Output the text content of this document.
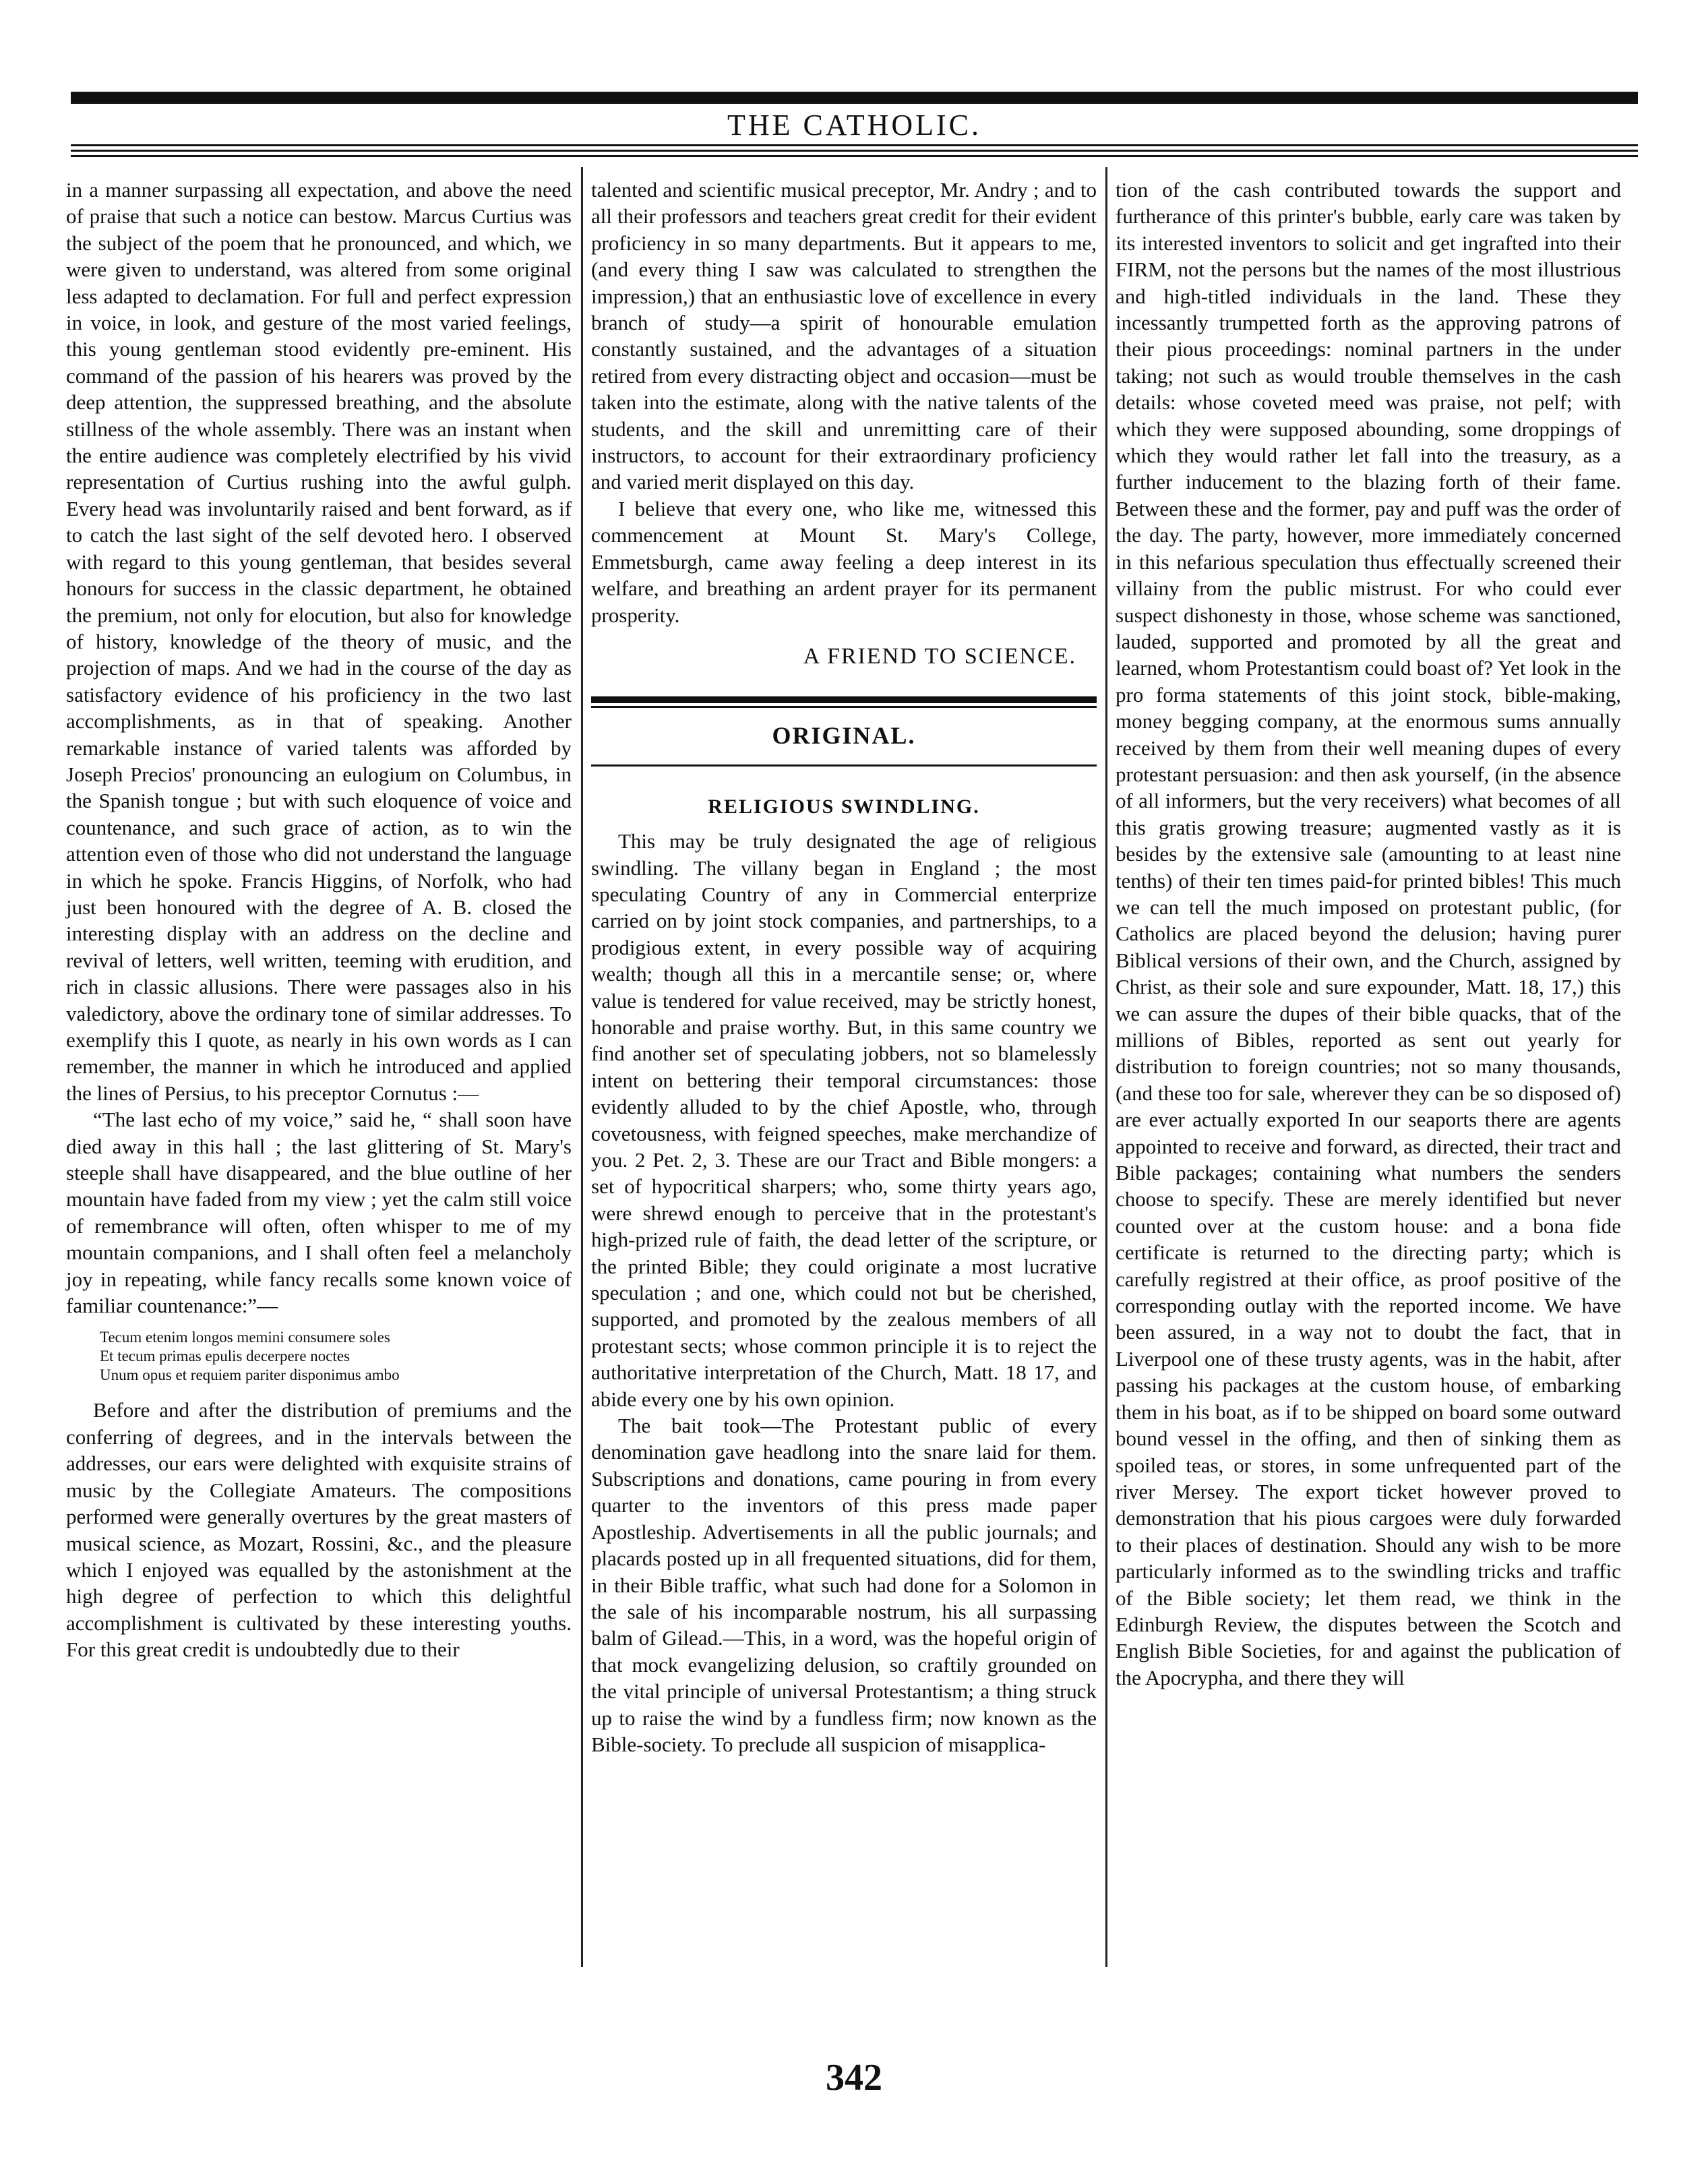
THE CATHOLIC.

in a manner surpassing all expectation, and above the need of praise that such a notice can bestow. Marcus Curtius was the subject of the poem that he pronounced, and which, we were given to understand, was altered from some original less adapted to declamation. For full and perfect expression in voice, in look, and gesture of the most varied feelings, this young gentleman stood evidently pre-eminent. His command of the passion of his hearers was proved by the deep attention, the suppressed breathing, and the absolute stillness of the whole assembly. There was an instant when the entire audience was completely electrified by his vivid representation of Curtius rushing into the awful gulph. Every head was involuntarily raised and bent forward, as if to catch the last sight of the self devoted hero. I observed with regard to this young gentleman, that besides several honours for success in the classic department, he obtained the premium, not only for elocution, but also for knowledge of history, knowledge of the theory of music, and the projection of maps. And we had in the course of the day as satisfactory evidence of his proficiency in the two last accomplishments, as in that of speaking. Another remarkable instance of varied talents was afforded by Joseph Precios' pronouncing an eulogium on Columbus, in the Spanish tongue ; but with such eloquence of voice and countenance, and such grace of action, as to win the attention even of those who did not understand the language in which he spoke. Francis Higgins, of Norfolk, who had just been honoured with the degree of A. B. closed the interesting display with an address on the decline and revival of letters, well written, teeming with erudition, and rich in classic allusions. There were passages also in his valedictory, above the ordinary tone of similar addresses. To exemplify this I quote, as nearly in his own words as I can remember, the manner in which he introduced and applied the lines of Persius, to his preceptor Cornutus :—

“The last echo of my voice,” said he, “ shall soon have died away in this hall ; the last glittering of St. Mary's steeple shall have disappeared, and the blue outline of her mountain have faded from my view ; yet the calm still voice of remembrance will often, often whisper to me of my mountain companions, and I shall often feel a melancholy joy in repeating, while fancy recalls some known voice of familiar countenance:”—

Tecum etenim longos memini consumere soles
Et tecum primas epulis decerpere noctes
Unum opus et requiem pariter disponimus ambo

Before and after the distribution of premiums and the conferring of degrees, and in the intervals between the addresses, our ears were delighted with exquisite strains of music by the Collegiate Amateurs. The compositions performed were generally overtures by the great masters of musical science, as Mozart, Rossini, &c., and the pleasure which I enjoyed was equalled by the astonishment at the high degree of perfection to which this delightful accomplishment is cultivated by these interesting youths. For this great credit is undoubtedly due to their

talented and scientific musical preceptor, Mr. Andry ; and to all their professors and teachers great credit for their evident proficiency in so many departments. But it appears to me, (and every thing I saw was calculated to strengthen the impression,) that an enthusiastic love of excellence in every branch of study—a spirit of honourable emulation constantly sustained, and the advantages of a situation retired from every distracting object and occasion—must be taken into the estimate, along with the native talents of the students, and the skill and unremitting care of their instructors, to account for their extraordinary proficiency and varied merit displayed on this day.

I believe that every one, who like me, witnessed this commencement at Mount St. Mary's College, Emmetsburgh, came away feeling a deep interest in its welfare, and breathing an ardent prayer for its permanent prosperity.

A FRIEND TO SCIENCE.

ORIGINAL.

RELIGIOUS SWINDLING.

This may be truly designated the age of religious swindling. The villany began in England ; the most speculating Country of any in Commercial enterprize carried on by joint stock companies, and partnerships, to a prodigious extent, in every possible way of acquiring wealth; though all this in a mercantile sense; or, where value is tendered for value received, may be strictly honest, honorable and praise worthy. But, in this same country we find another set of speculating jobbers, not so blamelessly intent on bettering their temporal circumstances: those evidently alluded to by the chief Apostle, who, through covetousness, with feigned speeches, make merchandize of you. 2 Pet. 2, 3. These are our Tract and Bible mongers: a set of hypocritical sharpers; who, some thirty years ago, were shrewd enough to perceive that in the protestant's high-prized rule of faith, the dead letter of the scripture, or the printed Bible; they could originate a most lucrative speculation ; and one, which could not but be cherished, supported, and promoted by the zealous members of all protestant sects; whose common principle it is to reject the authoritative interpretation of the Church, Matt. 18 17, and abide every one by his own opinion.

The bait took—The Protestant public of every denomination gave headlong into the snare laid for them. Subscriptions and donations, came pouring in from every quarter to the inventors of this press made paper Apostleship. Advertisements in all the public journals; and placards posted up in all frequented situations, did for them, in their Bible traffic, what such had done for a Solomon in the sale of his incomparable nostrum, his all surpassing balm of Gilead.—This, in a word, was the hopeful origin of that mock evangelizing delusion, so craftily grounded on the vital principle of universal Protestantism; a thing struck up to raise the wind by a fundless firm; now known as the Bible-society. To preclude all suspicion of misapplica-

tion of the cash contributed towards the support and furtherance of this printer's bubble, early care was taken by its interested inventors to solicit and get ingrafted into their FIRM, not the persons but the names of the most illustrious and high-titled individuals in the land. These they incessantly trumpetted forth as the approving patrons of their pious proceedings: nominal partners in the under taking; not such as would trouble themselves in the cash details: whose coveted meed was praise, not pelf; with which they were supposed abounding, some droppings of which they would rather let fall into the treasury, as a further inducement to the blazing forth of their fame. Between these and the former, pay and puff was the order of the day. The party, however, more immediately concerned in this nefarious speculation thus effectually screened their villainy from the public mistrust. For who could ever suspect dishonesty in those, whose scheme was sanctioned, lauded, supported and promoted by all the great and learned, whom Protestantism could boast of? Yet look in the pro forma statements of this joint stock, bible-making, money begging company, at the enormous sums annually received by them from their well meaning dupes of every protestant persuasion: and then ask yourself, (in the absence of all informers, but the very receivers) what becomes of all this gratis growing treasure; augmented vastly as it is besides by the extensive sale (amounting to at least nine tenths) of their ten times paid-for printed bibles! This much we can tell the much imposed on protestant public, (for Catholics are placed beyond the delusion; having purer Biblical versions of their own, and the Church, assigned by Christ, as their sole and sure expounder, Matt. 18, 17,) this we can assure the dupes of their bible quacks, that of the millions of Bibles, reported as sent out yearly for distribution to foreign countries; not so many thousands, (and these too for sale, wherever they can be so disposed of) are ever actually exported In our seaports there are agents appointed to receive and forward, as directed, their tract and Bible packages; containing what numbers the senders choose to specify. These are merely identified but never counted over at the custom house: and a bona fide certificate is returned to the directing party; which is carefully registred at their office, as proof positive of the corresponding outlay with the reported income. We have been assured, in a way not to doubt the fact, that in Liverpool one of these trusty agents, was in the habit, after passing his packages at the custom house, of embarking them in his boat, as if to be shipped on board some outward bound vessel in the offing, and then of sinking them as spoiled teas, or stores, in some unfrequented part of the river Mersey. The export ticket however proved to demonstration that his pious cargoes were duly forwarded to their places of destination. Should any wish to be more particularly informed as to the swindling tricks and traffic of the Bible society; let them read, we think in the Edinburgh Review, the disputes between the Scotch and English Bible Societies, for and against the publication of the Apocrypha, and there they will

342
